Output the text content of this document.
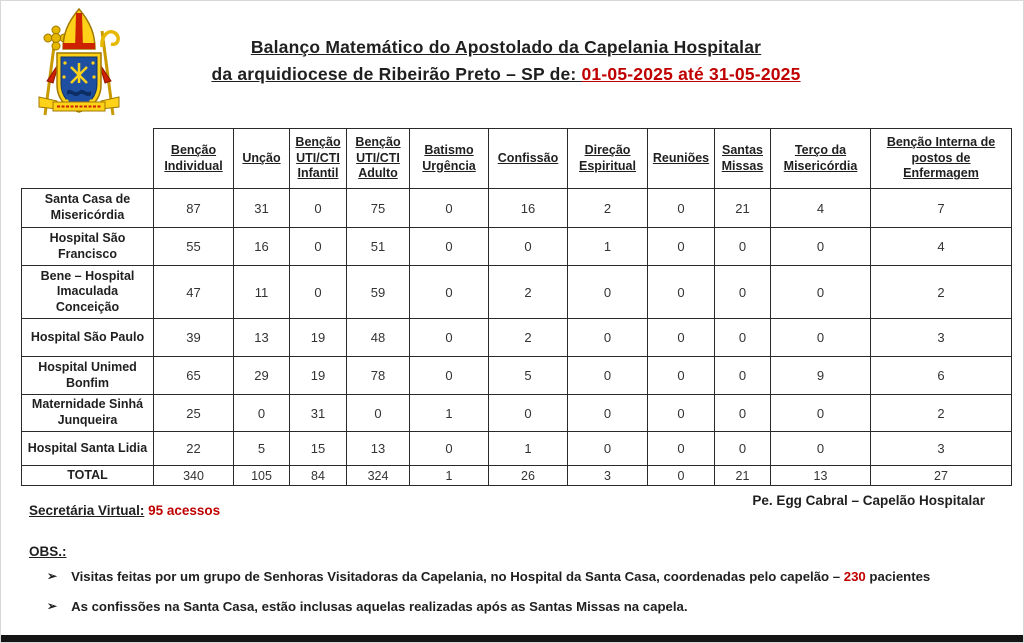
Balanço Matemático do Apostolado da Capelania Hospitalar
da arquidiocese de Ribeirão Preto – SP de: 01-05-2025 até 31-05-2025
	Benção Individual	Unção	Benção UTI/CTI Infantil	Benção UTI/CTI Adulto	Batismo Urgência	Confissão	Direção Espiritual	Reuniões	Santas Missas	Terço da Misericórdia	Benção Interna de postos de Enfermagem
Santa Casa de Misericórdia	87	31	0	75	0	16	2	0	21	4	7
Hospital São Francisco	55	16	0	51	0	0	1	0	0	0	4
Bene – Hospital Imaculada Conceição	47	11	0	59	0	2	0	0	0	0	2
Hospital São Paulo	39	13	19	48	0	2	0	0	0	0	3
Hospital Unimed Bonfim	65	29	19	78	0	5	0	0	0	9	6
Maternidade Sinhá Junqueira	25	0	31	0	1	0	0	0	0	0	2
Hospital Santa Lidia	22	5	15	13	0	1	0	0	0	0	3
TOTAL	340	105	84	324	1	26	3	0	21	13	27
Secretária Virtual: 95 acessos
Pe. Egg Cabral – Capelão Hospitalar
OBS.:
➢ Visitas feitas por um grupo de Senhoras Visitadoras da Capelania, no Hospital da Santa Casa, coordenadas pelo capelão – 230 pacientes
➢ As confissões na Santa Casa, estão inclusas aquelas realizadas após as Santas Missas na capela.
